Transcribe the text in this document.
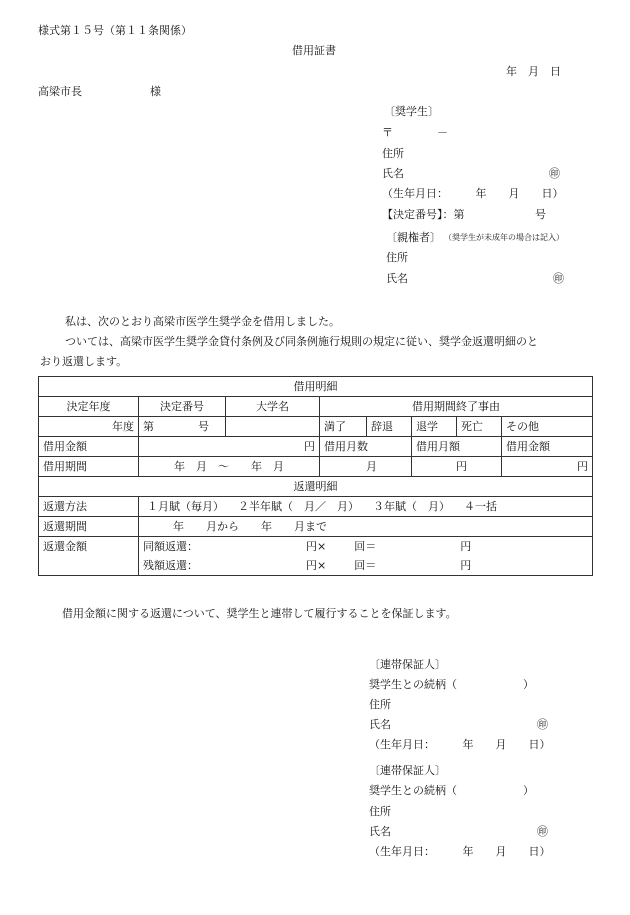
様式第１５号（第１１条関係）
借用証書
年　月　日
高梁市長	様
〔奨学生〕
〒　　　　－
住所
氏名	㊞
（生年月日：　　　年　　月　　日）
【決定番号】：第	号
〔親権者〕 （奨学生が未成年の場合は記入）
住所
氏名	㊞
私は、次のとおり高梁市医学生奨学金を借用しました。
ついては、高梁市医学生奨学金貸付条例及び同条例施行規則の規定に従い、奨学金返還明細のと
おり返還します。
借用明細							
決定年度	決定番号	大学名	借用期間終了事由				
年度	第 号		満了	辞退	退学	死亡	その他
借用金額	円		借用月数		借用月額		借用金額
借用期間	年　月　～　　年　月		月		円		円
返還明細							
返還方法	１月賦（毎月） ２半年賦（　月／　月） ３年賦（　月） ４一括						
返還期間	年　　月から　　年　　月まで						
返還金額	同額返還： 円× 回＝ 円						
	残額返還： 円× 回＝ 円						
借用金額に関する返還について、奨学生と連帯して履行することを保証します。
〔連帯保証人〕
奨学生との続柄（　　　　　　）
住所
氏名	㊞
（生年月日：　　　年　　月　　日）
〔連帯保証人〕
奨学生との続柄（　　　　　　）
住所
氏名	㊞
（生年月日：　　　年　　月　　日）
